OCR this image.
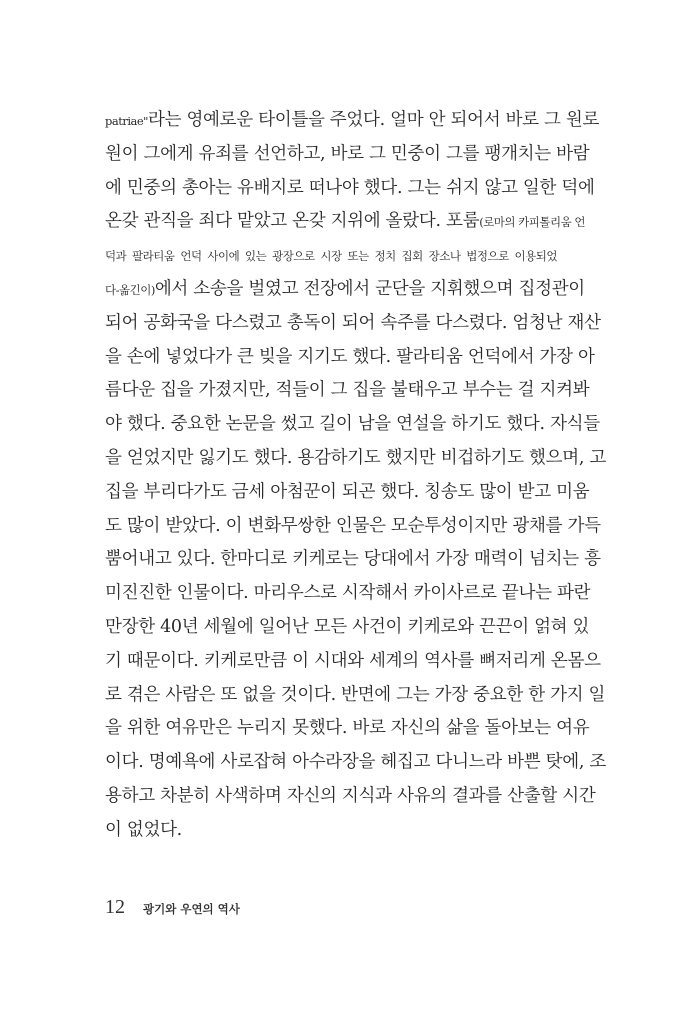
patriae"라는 영예로운 타이틀을 주었다. 얼마 안 되어서 바로 그 원로
원이 그에게 유죄를 선언하고, 바로 그 민중이 그를 팽개치는 바람
에 민중의 총아는 유배지로 떠나야 했다. 그는 쉬지 않고 일한 덕에
온갖 관직을 죄다 맡았고 온갖 지위에 올랐다. 포룸(로마의 카피톨리움 언
덕과 팔라티움 언덕 사이에 있는 광장으로 시장 또는 정치 집회 장소나 법정으로 이용되었
다-옮긴이)에서 소송을 벌였고 전장에서 군단을 지휘했으며 집정관이
되어 공화국을 다스렸고 총독이 되어 속주를 다스렸다. 엄청난 재산
을 손에 넣었다가 큰 빚을 지기도 했다. 팔라티움 언덕에서 가장 아
름다운 집을 가졌지만, 적들이 그 집을 불태우고 부수는 걸 지켜봐
야 했다. 중요한 논문을 썼고 길이 남을 연설을 하기도 했다. 자식들
을 얻었지만 잃기도 했다. 용감하기도 했지만 비겁하기도 했으며, 고
집을 부리다가도 금세 아첨꾼이 되곤 했다. 칭송도 많이 받고 미움
도 많이 받았다. 이 변화무쌍한 인물은 모순투성이지만 광채를 가득
뿜어내고 있다. 한마디로 키케로는 당대에서 가장 매력이 넘치는 흥
미진진한 인물이다. 마리우스로 시작해서 카이사르로 끝나는 파란
만장한 40년 세월에 일어난 모든 사건이 키케로와 끈끈이 얽혀 있
기 때문이다. 키케로만큼 이 시대와 세계의 역사를 뼈저리게 온몸으
로 겪은 사람은 또 없을 것이다. 반면에 그는 가장 중요한 한 가지 일
을 위한 여유만은 누리지 못했다. 바로 자신의 삶을 돌아보는 여유
이다. 명예욕에 사로잡혀 아수라장을 헤집고 다니느라 바쁜 탓에, 조
용하고 차분히 사색하며 자신의 지식과 사유의 결과를 산출할 시간
이 없었다.
12 광기와 우연의 역사
